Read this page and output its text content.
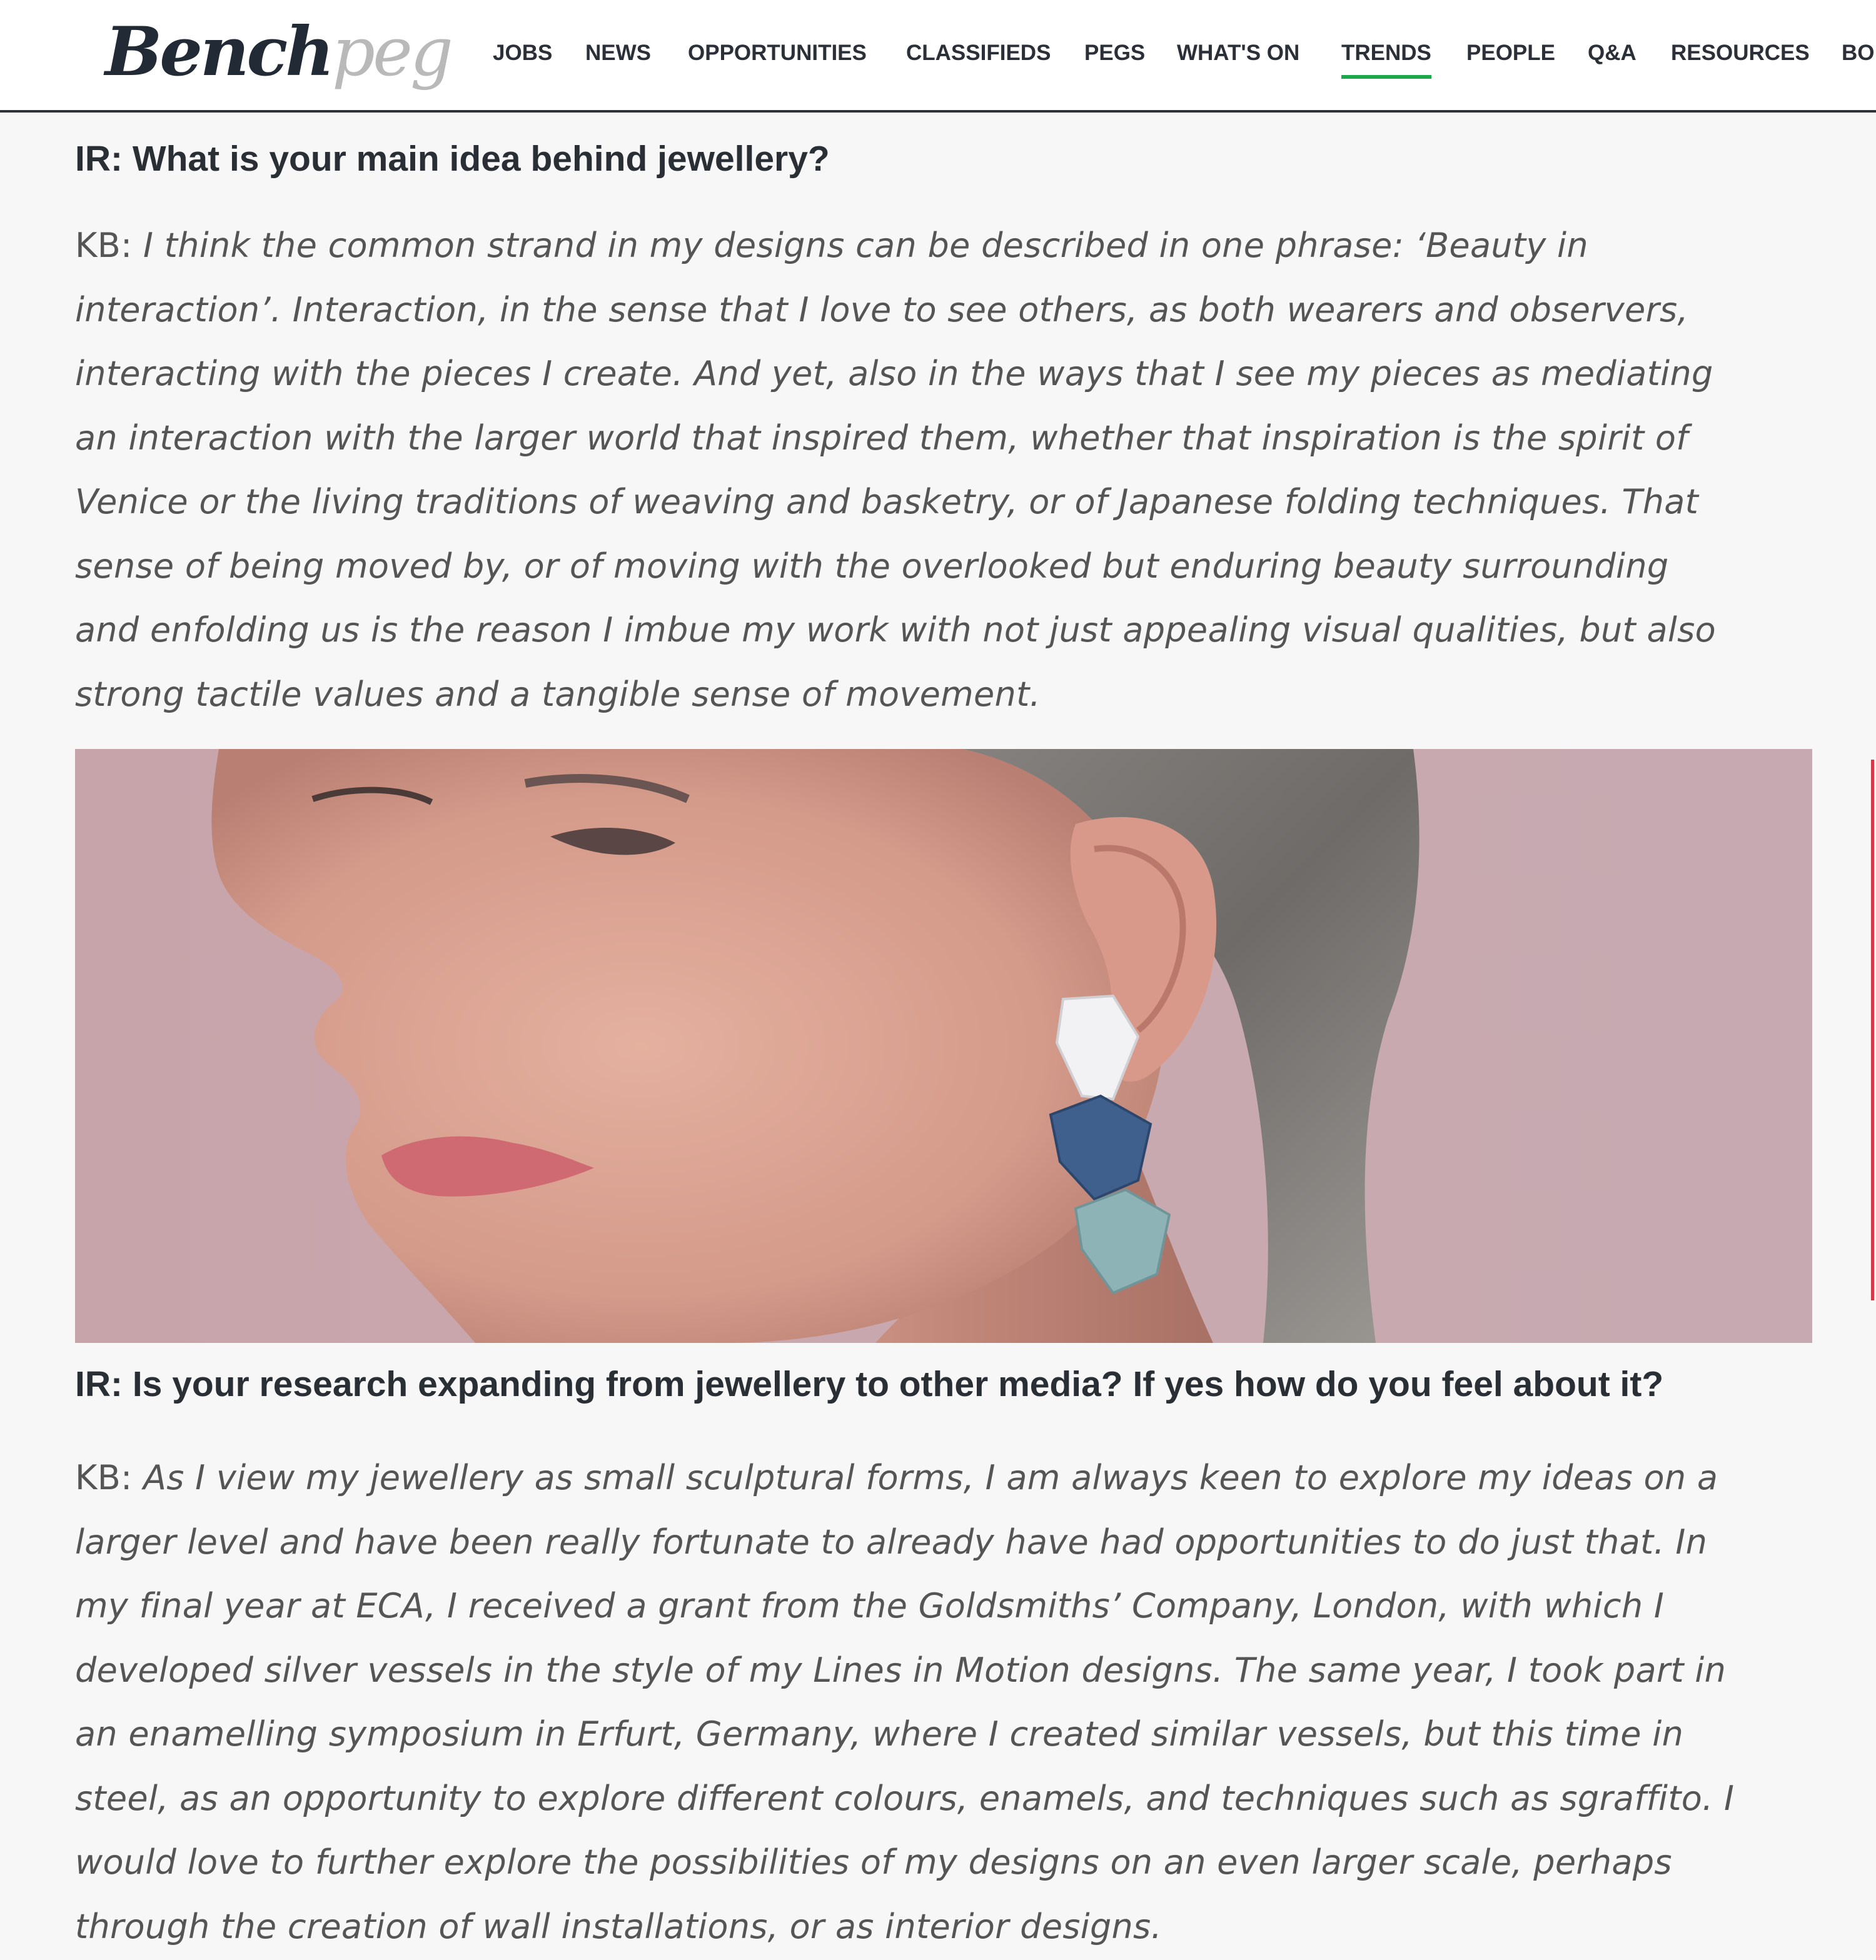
Benchpeg JOBS NEWS OPPORTUNITIES CLASSIFIEDS PEGS WHAT'S ON TRENDS PEOPLE Q&A RESOURCES BO
IR: What is your main idea behind jewellery?

KB: I think the common strand in my designs can be described in one phrase: ‘Beauty in
interaction’. Interaction, in the sense that I love to see others, as both wearers and observers,
interacting with the pieces I create. And yet, also in the ways that I see my pieces as mediating
an interaction with the larger world that inspired them, whether that inspiration is the spirit of
Venice or the living traditions of weaving and basketry, or of Japanese folding techniques. That
sense of being moved by, or of moving with the overlooked but enduring beauty surrounding
and enfolding us is the reason I imbue my work with not just appealing visual qualities, but also
strong tactile values and a tangible sense of movement.

IR: Is your research expanding from jewellery to other media? If yes how do you feel about it?

KB: As I view my jewellery as small sculptural forms, I am always keen to explore my ideas on a
larger level and have been really fortunate to already have had opportunities to do just that. In
my final year at ECA, I received a grant from the Goldsmiths’ Company, London, with which I
developed silver vessels in the style of my Lines in Motion designs. The same year, I took part in
an enamelling symposium in Erfurt, Germany, where I created similar vessels, but this time in
steel, as an opportunity to explore different colours, enamels, and techniques such as sgraffito. I
would love to further explore the possibilities of my designs on an even larger scale, perhaps
through the creation of wall installations, or as interior designs.
